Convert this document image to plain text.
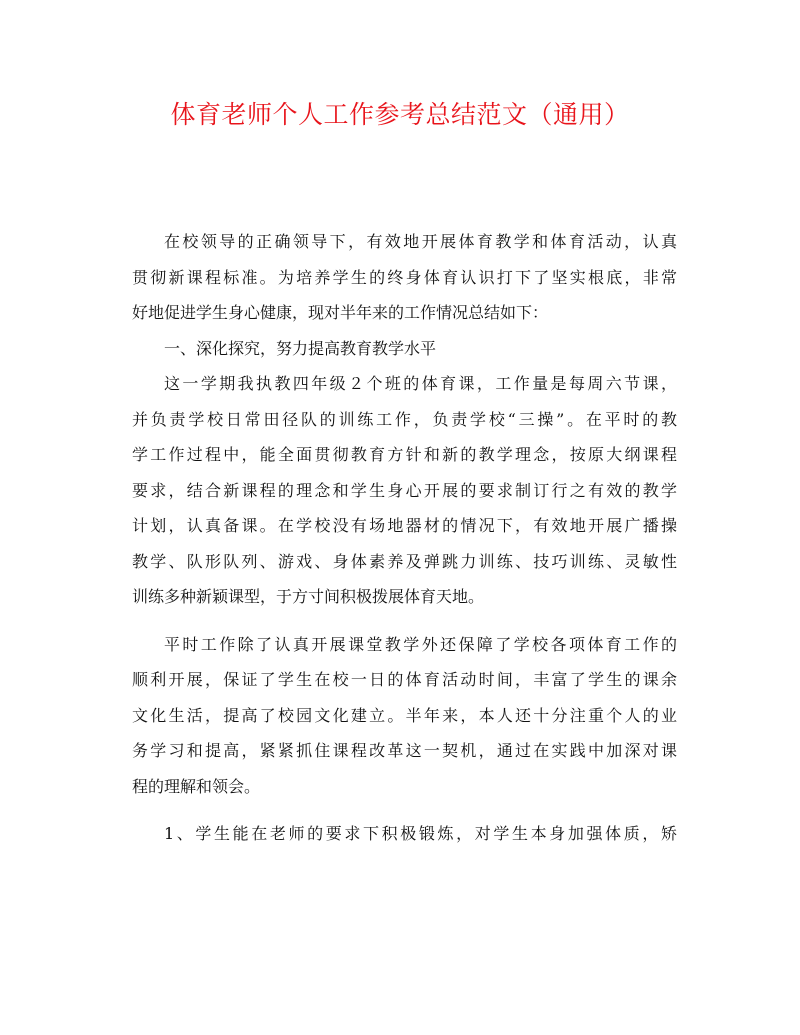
体育老师个人工作参考总结范文（通用）
在校领导的正确领导下，有效地开展体育教学和体育活动，认真
贯彻新课程标准。为培养学生的终身体育认识打下了坚实根底，非常
好地促进学生身心健康，现对半年来的工作情况总结如下：
一、深化探究，努力提高教育教学水平
这一学期我执教四年级２个班的体育课，工作量是每周六节课，
并负责学校日常田径队的训练工作，负责学校“三操”。在平时的教
学工作过程中，能全面贯彻教育方针和新的教学理念，按原大纲课程
要求，结合新课程的理念和学生身心开展的要求制订行之有效的教学
计划，认真备课。在学校没有场地器材的情况下，有效地开展广播操
教学、队形队列、游戏、身体素养及弹跳力训练、技巧训练、灵敏性
训练多种新颖课型，于方寸间积极拨展体育天地。
平时工作除了认真开展课堂教学外还保障了学校各项体育工作的
顺利开展，保证了学生在校一日的体育活动时间，丰富了学生的课余
文化生活，提高了校园文化建立。半年来，本人还十分注重个人的业
务学习和提高，紧紧抓住课程改革这一契机，通过在实践中加深对课
程的理解和领会。
1、学生能在老师的要求下积极锻炼，对学生本身加强体质，矫
